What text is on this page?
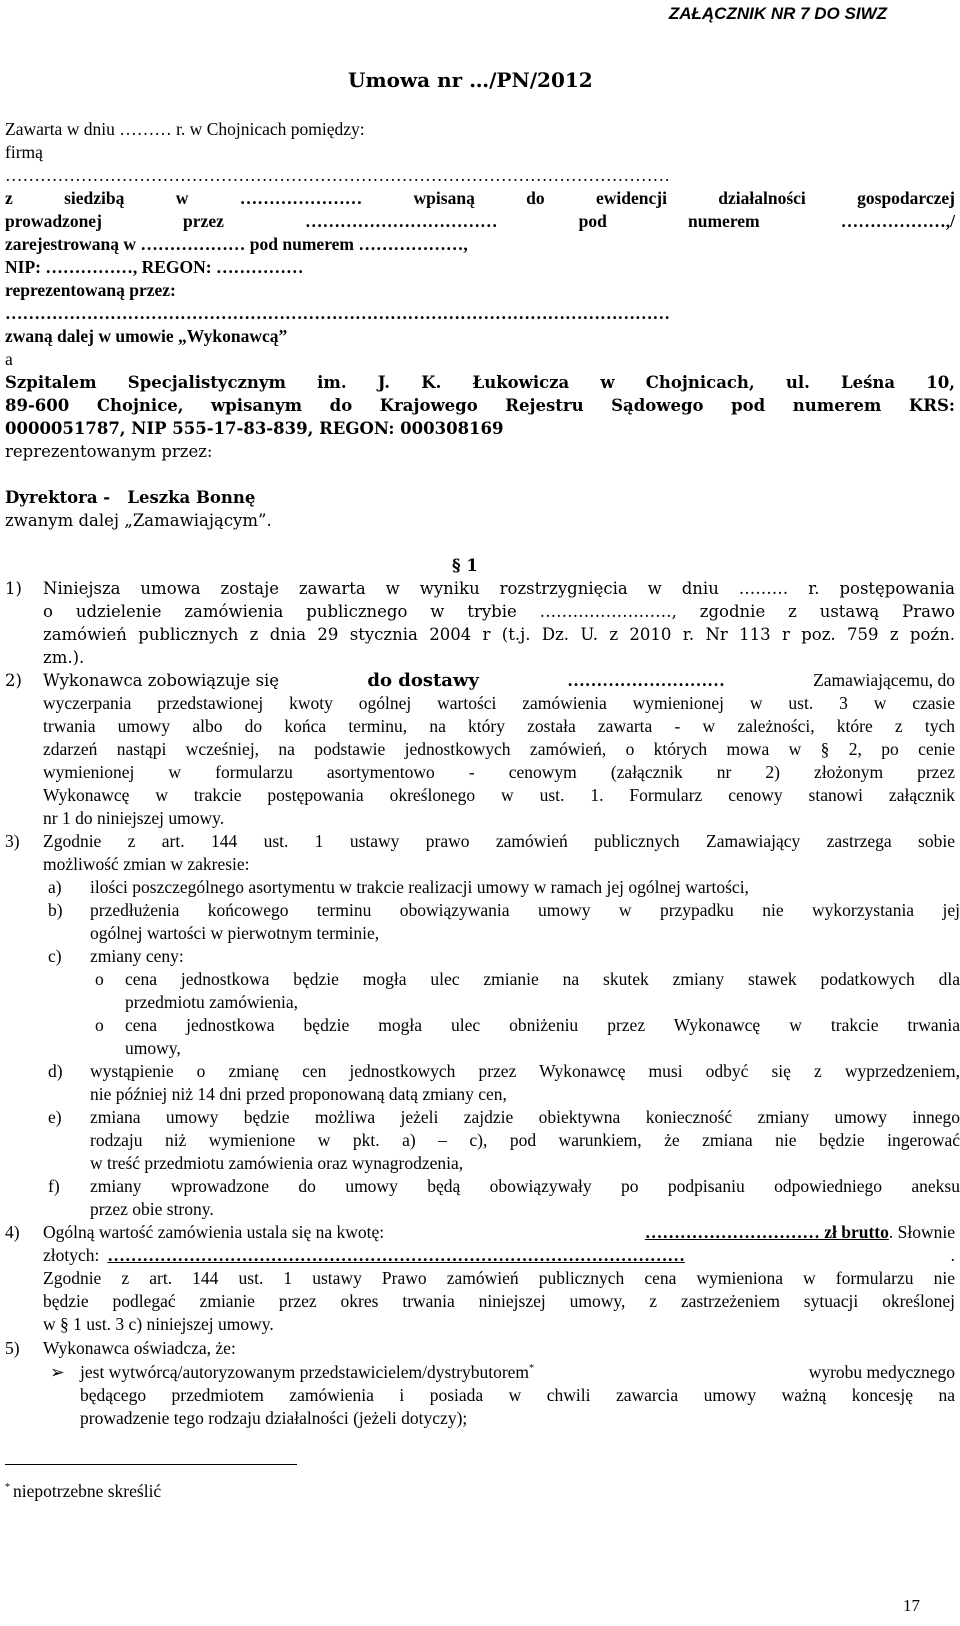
ZAŁĄCZNIK NR 7 DO SIWZ
Umowa nr …/PN/2012
Zawarta w dniu ……… r. w Chojnicach pomiędzy:
firmą
……………………………………………………………………………………………………
z siedzibą w ………………… wpisaną do ewidencji działalności gospodarczej
prowadzonej przez …………………………… pod numerem ………………,/
zarejestrowaną w ……………… pod numerem ………………,
NIP: ……………, REGON: ……………
reprezentowaną przez:
……………………………………………………………………………………………………
zwaną dalej w umowie „Wykonawcą”
a
Szpitalem Specjalistycznym im. J. K. Łukowicza w Chojnicach, ul. Leśna 10,
89-600 Chojnice, wpisanym do Krajowego Rejestru Sądowego pod numerem KRS:
0000051787, NIP 555-17-83-839, REGON: 000308169
reprezentowanym przez:
Dyrektora -   Leszka Bonnę
zwanym dalej „Zamawiającym”.
§ 1
1) Niniejsza umowa zostaje zawarta w wyniku rozstrzygnięcia w dniu ……… r. postępowania
o udzielenie zamówienia publicznego w trybie ……………………, zgodnie z ustawą Prawo
zamówień publicznych z dnia 29 stycznia 2004 r (t.j. Dz. U. z 2010 r. Nr 113 r poz. 759 z poźn.
zm.).
2) Wykonawca zobowiązuje się	do dostawy	………………………	Zamawiającemu, do
wyczerpania przedstawionej kwoty ogólnej wartości zamówienia wymienionej w ust. 3 w czasie
trwania umowy albo do końca terminu, na który została zawarta - w zależności, które z tych
zdarzeń nastąpi wcześniej, na podstawie jednostkowych zamówień, o których mowa w § 2, po cenie
wymienionej w formularzu asortymentowo - cenowym (załącznik nr 2) złożonym przez
Wykonawcę w trakcie postępowania określonego w ust. 1. Formularz cenowy stanowi załącznik
nr 1 do niniejszej umowy.
3) Zgodnie z art. 144 ust. 1 ustawy prawo zamówień publicznych Zamawiający zastrzega sobie
możliwość zmian w zakresie:
a) ilości poszczególnego asortymentu w trakcie realizacji umowy w ramach jej ogólnej wartości,
b) przedłużenia końcowego terminu obowiązywania umowy w przypadku nie wykorzystania jej
ogólnej wartości w pierwotnym terminie,
c) zmiany ceny:
o cena jednostkowa będzie mogła ulec zmianie na skutek zmiany stawek podatkowych dla
przedmiotu zamówienia,
o cena jednostkowa będzie mogła ulec obniżeniu przez Wykonawcę w trakcie trwania
umowy,
d) wystąpienie o zmianę cen jednostkowych przez Wykonawcę musi odbyć się z wyprzedzeniem,
nie później niż 14 dni przed proponowaną datą zmiany cen,
e) zmiana umowy będzie możliwa jeżeli zajdzie obiektywna konieczność zmiany umowy innego
rodzaju niż wymienione w pkt. a) – c), pod warunkiem, że zmiana nie będzie ingerować
w treść przedmiotu zamówienia oraz wynagrodzenia,
f) zmiany wprowadzone do umowy będą obowiązywały po podpisaniu odpowiedniego aneksu
przez obie strony.
4) Ogólną wartość zamówienia ustala się na kwotę:	………………………… zł brutto. Słownie
złotych: ………………………………………………………………………………………	.
Zgodnie z art. 144 ust. 1 ustawy Prawo zamówień publicznych cena wymieniona w formularzu nie
będzie podlegać zmianie przez okres trwania niniejszej umowy, z zastrzeżeniem sytuacji określonej
w § 1 ust. 3 c) niniejszej umowy.
5) Wykonawca oświadcza, że:
➢ jest wytwórcą/autoryzowanym przedstawicielem/dystrybutorem*	wyrobu medycznego
będącego przedmiotem zamówienia i posiada w chwili zawarcia umowy ważną koncesję na
prowadzenie tego rodzaju działalności (jeżeli dotyczy);
* niepotrzebne skreślić
17
